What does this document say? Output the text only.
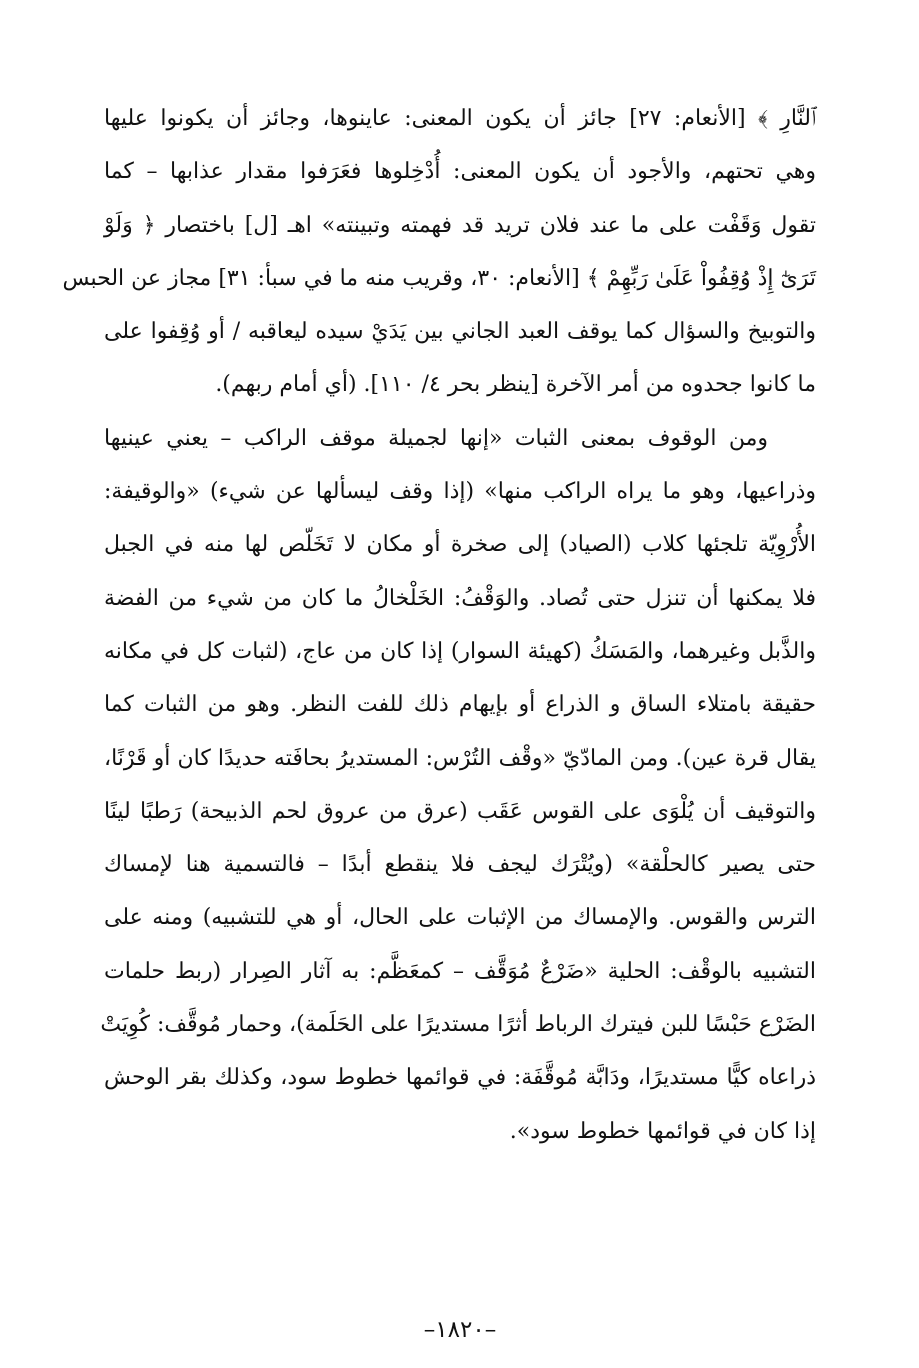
ﭐﻟﻨَّﺎﺭِ ﴾ [الأنعام: ٢٧] جائز أن يكون المعنى: عاينوها، وجائز أن يكونوا عليها
وهي تحتهم، والأجود أن يكون المعنى: أُدْخِلوها فعَرَفوا مقدار عذابها – كما
تقول وَقَفْت على ما عند فلان تريد قد فهمته وتبينته» اهـ [ل] باختصار ﴿ وَلَوْ
تَرَىٰٓ إِذْ وُقِفُواْ عَلَىٰ رَبِّهِمْ ﴾ [الأنعام: ٣٠، وقريب منه ما في سبأ: ٣١] مجاز عن الحبس
والتوبيخ والسؤال كما يوقف العبد الجاني بين يَدَيْ سيده ليعاقبه / أو وُقِفوا على
ما كانوا جحدوه من أمر الآخرة [ينظر بحر ٤/ ١١٠]. (أي أمام ربهم).
ومن الوقوف بمعنى الثبات «إنها لجميلة موقف الراكب – يعني عينيها
وذراعيها، وهو ما يراه الراكب منها» (إذا وقف ليسألها عن شيء) «والوقيفة:
الأُرْوِيّة تلجئها كلاب (الصياد) إلى صخرة أو مكان لا تَخَلّص لها منه في الجبل
فلا يمكنها أن تنزل حتى تُصاد. والوَقْفُ: الخَلْخالُ ما كان من شيء من الفضة
والذَّبل وغيرهما، والمَسَكُ (كهيئة السوار) إذا كان من عاج، (لثبات كل في مكانه
حقيقة بامتلاء الساق و الذراع أو بإيهام ذلك للفت النظر. وهو من الثبات كما
يقال قرة عين). ومن المادّيّ «وقْف التُرْس: المستديرُ بحافَته حديدًا كان أو قَرْنًا،
والتوقيف أن يُلْوَى على القوس عَقَب (عرق من عروق لحم الذبيحة) رَطبًا لينًا
حتى يصير كالحلْقة» (ويُتْرَك ليجف فلا ينقطع أبدًا – فالتسمية هنا لإمساك
الترس والقوس. والإمساك من الإثبات على الحال، أو هي للتشبيه) ومنه على
التشبيه بالوقْف: الحلية «ضَرْعٌ مُوَقَّف – كمعَظَّم: به آثار الصِرار (ربط حلمات
الضَرْع حَبْسًا للبن فيترك الرباط أثرًا مستديرًا على الحَلَمة)، وحمار مُوقَّف: كُوِيَتْ
ذراعاه كيًّا مستديرًا، ودَابَّة مُوقَّفَة: في قوائمها خطوط سود، وكذلك بقر الوحش
إذا كان في قوائمها خطوط سود».
–١٨٢٠–
